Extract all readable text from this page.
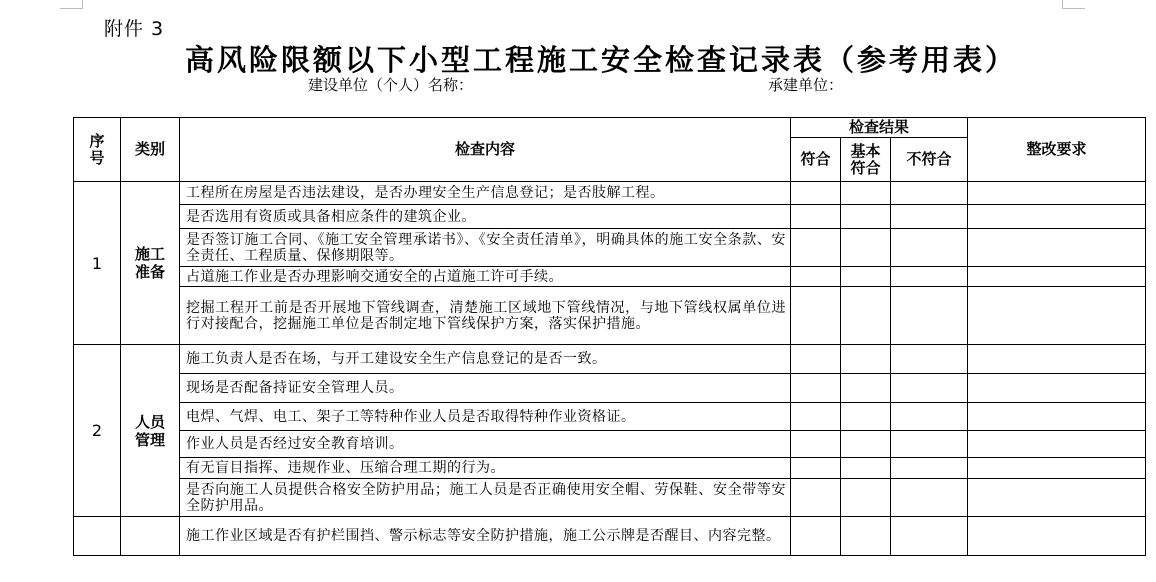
附件 3
高风险限额以下小型工程施工安全检查记录表（参考用表）
建设单位（个人）名称：	承建单位：
序号	类别	检查内容	检查结果			整改要求
			符合	基本符合	不符合	
1	施工准备	工程所在房屋是否违法建设，是否办理安全生产信息登记；是否肢解工程。				
		是否选用有资质或具备相应条件的建筑企业。				
		是否签订施工合同、《施工安全管理承诺书》、《安全责任清单》，明确具体的施工安全条款、安全责任、工程质量、保修期限等。				
		占道施工作业是否办理影响交通安全的占道施工许可手续。				
		挖掘工程开工前是否开展地下管线调查，清楚施工区域地下管线情况，与地下管线权属单位进行对接配合，挖掘施工单位是否制定地下管线保护方案，落实保护措施。				
2	人员管理	施工负责人是否在场，与开工建设安全生产信息登记的是否一致。				
		现场是否配备持证安全管理人员。				
		电焊、气焊、电工、架子工等特种作业人员是否取得特种作业资格证。				
		作业人员是否经过安全教育培训。				
		有无盲目指挥、违规作业、压缩合理工期的行为。				
		是否向施工人员提供合格安全防护用品；施工人员是否正确使用安全帽、劳保鞋、安全带等安全防护用品。				
		施工作业区域是否有护栏围挡、警示标志等安全防护措施，施工公示牌是否醒目、内容完整。				
